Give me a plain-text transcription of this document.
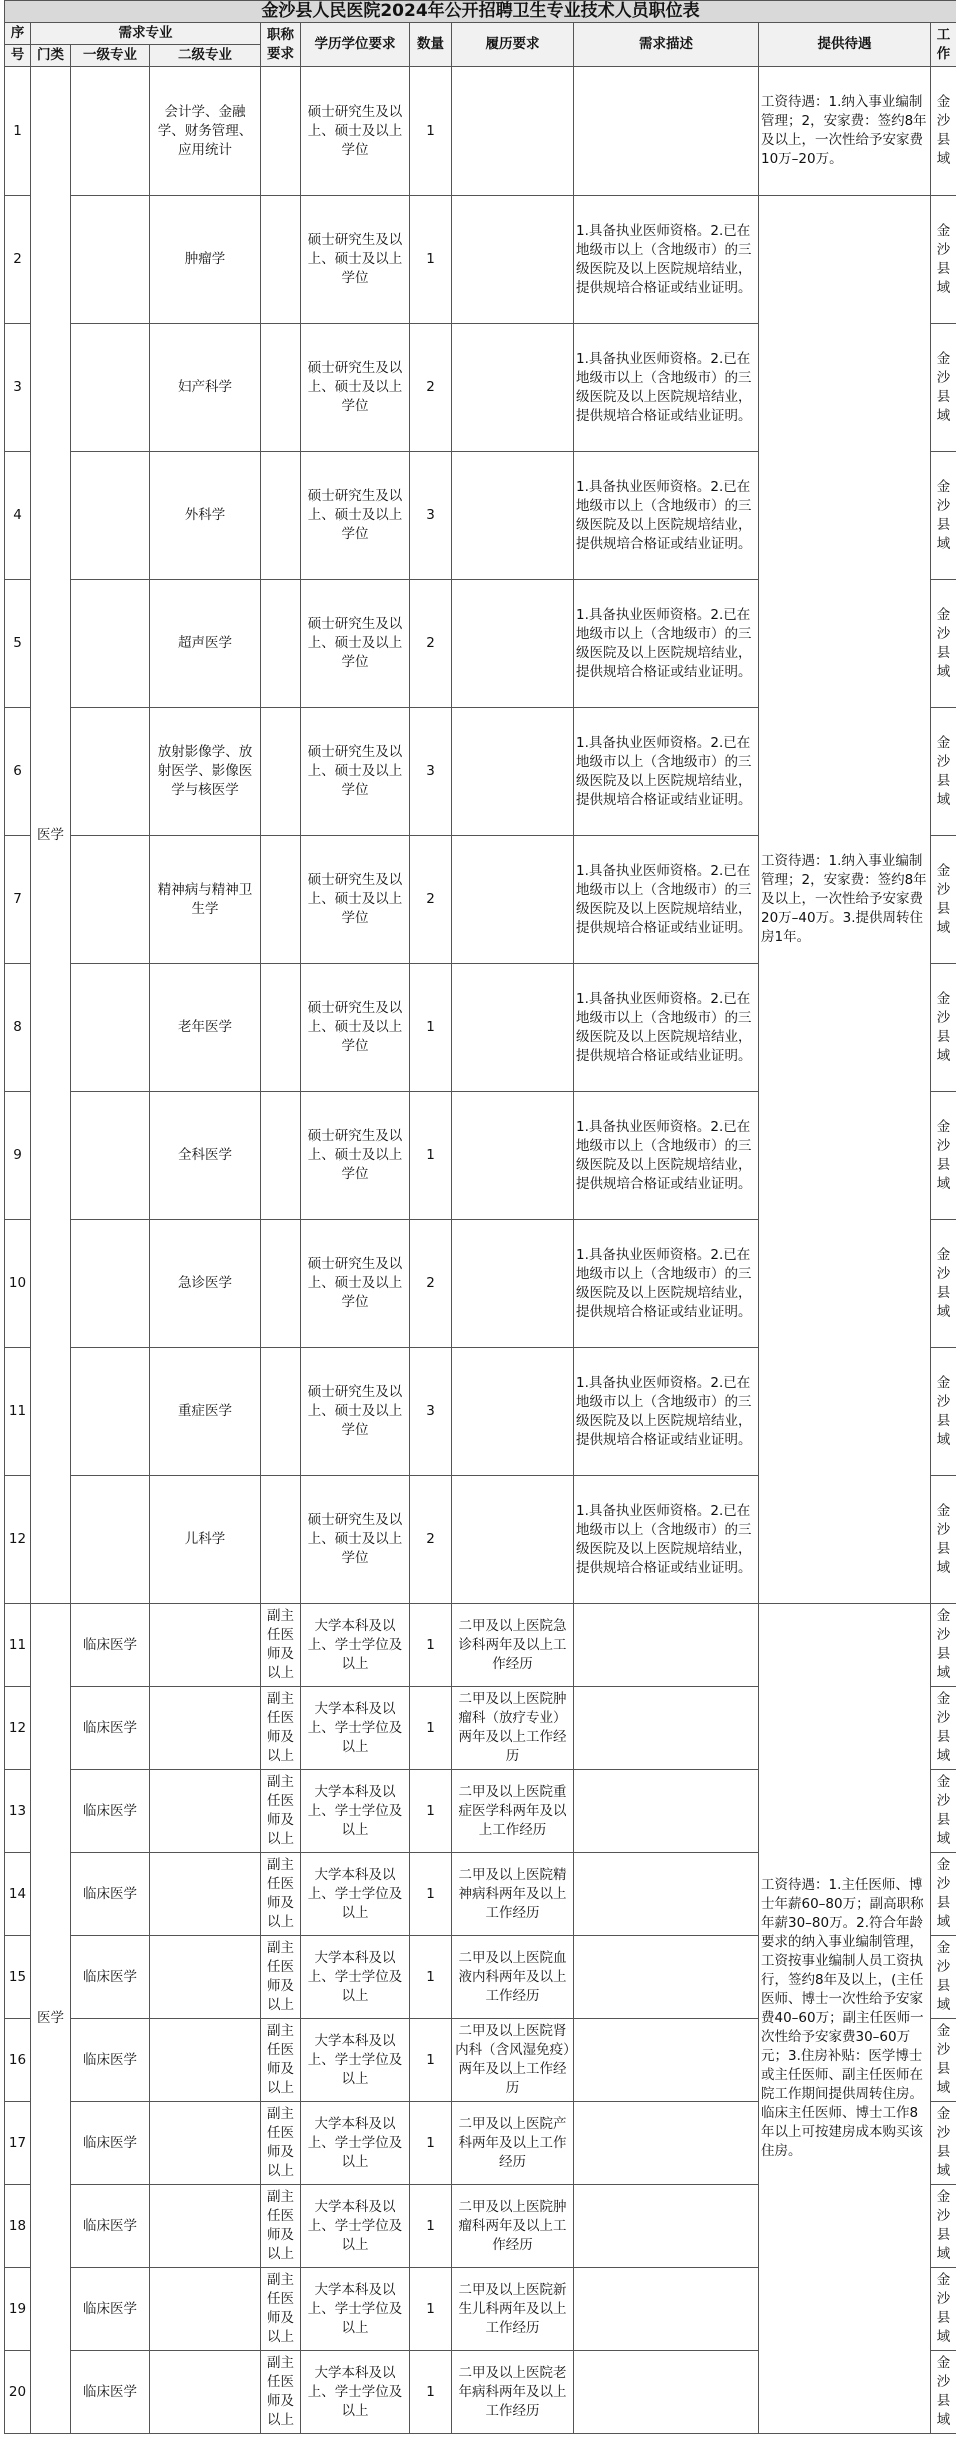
金沙县人民医院2024年公开招聘卫生专业技术人员职位表										
序	需求专业			职称要求	学历学位要求	数量	履历要求	需求描述	提供待遇	工作
号	门类	一级专业	二级专业							
1	医学		会计学、金融学、财务管理、应用统计		硕士研究生及以上、硕士及以上学位	1			工资待遇：1.纳入事业编制管理；2，安家费：签约8年及以上，一次性给予安家费10万–20万。	金沙县域
2			肿瘤学		硕士研究生及以上、硕士及以上学位	1		1.具备执业医师资格。2.已在地级市以上（含地级市）的三级医院及以上医院规培结业，提供规培合格证或结业证明。	工资待遇：1.纳入事业编制管理；2，安家费：签约8年及以上，一次性给予安家费20万–40万。3.提供周转住房1年。	金沙县域
3			妇产科学		硕士研究生及以上、硕士及以上学位	2		1.具备执业医师资格。2.已在地级市以上（含地级市）的三级医院及以上医院规培结业，提供规培合格证或结业证明。		金沙县域
4			外科学		硕士研究生及以上、硕士及以上学位	3		1.具备执业医师资格。2.已在地级市以上（含地级市）的三级医院及以上医院规培结业，提供规培合格证或结业证明。		金沙县域
5			超声医学		硕士研究生及以上、硕士及以上学位	2		1.具备执业医师资格。2.已在地级市以上（含地级市）的三级医院及以上医院规培结业，提供规培合格证或结业证明。		金沙县域
6			放射影像学、放射医学、影像医学与核医学		硕士研究生及以上、硕士及以上学位	3		1.具备执业医师资格。2.已在地级市以上（含地级市）的三级医院及以上医院规培结业，提供规培合格证或结业证明。		金沙县域
7			精神病与精神卫生学		硕士研究生及以上、硕士及以上学位	2		1.具备执业医师资格。2.已在地级市以上（含地级市）的三级医院及以上医院规培结业，提供规培合格证或结业证明。		金沙县域
8			老年医学		硕士研究生及以上、硕士及以上学位	1		1.具备执业医师资格。2.已在地级市以上（含地级市）的三级医院及以上医院规培结业，提供规培合格证或结业证明。		金沙县域
9			全科医学		硕士研究生及以上、硕士及以上学位	1		1.具备执业医师资格。2.已在地级市以上（含地级市）的三级医院及以上医院规培结业，提供规培合格证或结业证明。		金沙县域
10			急诊医学		硕士研究生及以上、硕士及以上学位	2		1.具备执业医师资格。2.已在地级市以上（含地级市）的三级医院及以上医院规培结业，提供规培合格证或结业证明。		金沙县域
11			重症医学		硕士研究生及以上、硕士及以上学位	3		1.具备执业医师资格。2.已在地级市以上（含地级市）的三级医院及以上医院规培结业，提供规培合格证或结业证明。		金沙县域
12			儿科学		硕士研究生及以上、硕士及以上学位	2		1.具备执业医师资格。2.已在地级市以上（含地级市）的三级医院及以上医院规培结业，提供规培合格证或结业证明。		金沙县域
11	医学	临床医学		副主任医师及以上	大学本科及以上、学士学位及以上	1	二甲及以上医院急诊科两年及以上工作经历		工资待遇：1.主任医师、博士年薪60–80万；副高职称年薪30–80万。2.符合年龄要求的纳入事业编制管理，工资按事业编制人员工资执行，签约8年及以上，(主任医师、博士一次性给予安家费40–60万；副主任医师一次性给予安家费30–60万元；3.住房补贴：医学博士或主任医师、副主任医师在院工作期间提供周转住房。临床主任医师、博士工作8年以上可按建房成本购买该住房。	金沙县域
12		临床医学		副主任医师及以上	大学本科及以上、学士学位及以上	1	二甲及以上医院肿瘤科（放疗专业）两年及以上工作经历			金沙县域
13		临床医学		副主任医师及以上	大学本科及以上、学士学位及以上	1	二甲及以上医院重症医学科两年及以上工作经历			金沙县域
14		临床医学		副主任医师及以上	大学本科及以上、学士学位及以上	1	二甲及以上医院精神病科两年及以上工作经历			金沙县域
15		临床医学		副主任医师及以上	大学本科及以上、学士学位及以上	1	二甲及以上医院血液内科两年及以上工作经历			金沙县域
16		临床医学		副主任医师及以上	大学本科及以上、学士学位及以上	1	二甲及以上医院肾内科（含风湿免疫）两年及以上工作经历			金沙县域
17		临床医学		副主任医师及以上	大学本科及以上、学士学位及以上	1	二甲及以上医院产科两年及以上工作经历			金沙县域
18		临床医学		副主任医师及以上	大学本科及以上、学士学位及以上	1	二甲及以上医院肿瘤科两年及以上工作经历			金沙县域
19		临床医学		副主任医师及以上	大学本科及以上、学士学位及以上	1	二甲及以上医院新生儿科两年及以上工作经历			金沙县域
20		临床医学		副主任医师及以上	大学本科及以上、学士学位及以上	1	二甲及以上医院老年病科两年及以上工作经历			金沙县域
